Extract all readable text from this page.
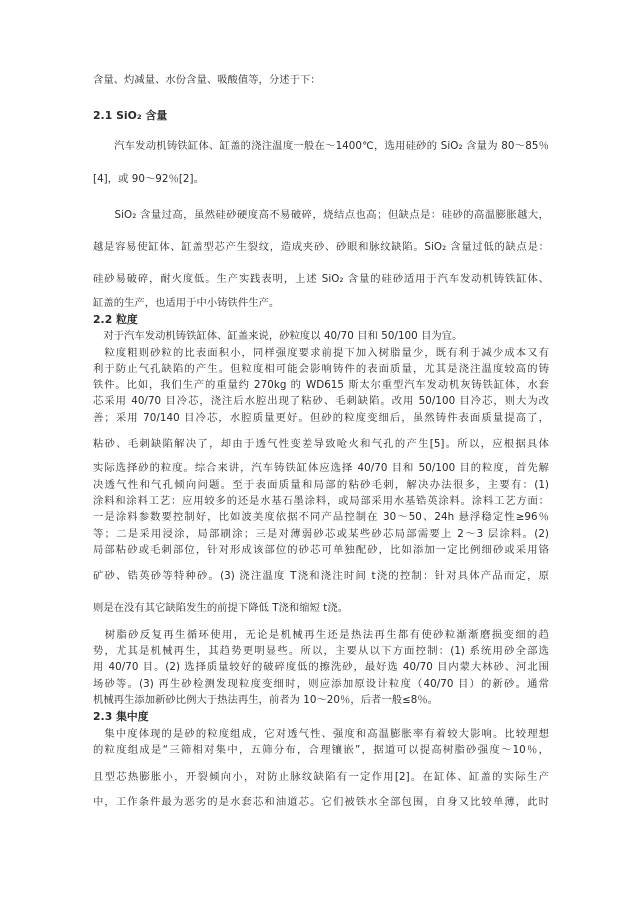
含量、灼减量、水份含量、吸酸值等，分述于下：
2.1 SiO₂ 含量
　　汽车发动机铸铁缸体、缸盖的浇注温度一般在～1400℃，选用硅砂的 SiO₂ 含量为 80～85％
[4]，或 90～92％[2]。
　　SiO₂ 含量过高，虽然硅砂硬度高不易破碎，烧结点也高；但缺点是：硅砂的高温膨胀越大，
越是容易使缸体、缸盖型芯产生裂纹，造成夹砂、砂眼和脉纹缺陷。SiO₂ 含量过低的缺点是：
硅砂易破碎，耐火度低。生产实践表明，上述 SiO₂ 含量的硅砂适用于汽车发动机铸铁缸体、
缸盖的生产，也适用于中小铸铁件生产。
2.2 粒度
　对于汽车发动机铸铁缸体、缸盖来说，砂粒度以 40/70 目和 50/100 目为宜。
　粒度粗则砂粒的比表面积小，同样强度要求前提下加入树脂量少，既有利于减少成本又有
利于防止气孔缺陷的产生。但粒度相可能会影响铸件的表面质量，尤其是浇注温度较高的铸
铁件。比如，我们生产的重量约 270kg 的 WD615 斯太尔重型汽车发动机灰铸铁缸体，水套
芯采用 40/70 目冷芯，浇注后水腔出现了粘砂、毛刺缺陷。改用 50/100 目冷芯，则大为改
善；采用 70/140 目冷芯，水腔质量更好。但砂的粒度变细后，虽然铸件表面质量提高了，
粘砂、毛刺缺陷解决了，却由于透气性变差导致呛火和气孔的产生[5]。所以，应根据具体
实际选择砂的粒度。综合来讲，汽车铸铁缸体应选择 40/70 目和 50/100 目的粒度，首先解
决透气性和气孔倾向问题。至于表面质量和局部的粘砂毛刺，解决办法很多，主要有：(1)
涂料和涂料工艺：应用较多的还是水基石墨涂料，或局部采用水基锆英涂料。涂料工艺方面：
一是涂料参数要控制好，比如波美度依据不同产品控制在 30～50、24h 悬浮稳定性≥96％
等；二是采用浸涂，局部刷涂；三是对薄弱砂芯或某些砂芯局部需要上 2～3 层涂料。(2)
局部粘砂或毛刺部位，针对形成该部位的砂芯可单独配砂，比如添加一定比例细砂或采用铬
矿砂、锆英砂等特种砂。(3) 浇注温度 T浇和浇注时间 t浇的控制：针对具体产品而定，原
则是在没有其它缺陷发生的前提下降低 T浇和缩短 t浇。
　树脂砂反复再生循环使用，无论是机械再生还是热法再生都有使砂粒渐渐磨损变细的趋
势，尤其是机械再生，其趋势更明显些。所以，主要从以下方面控制：(1) 系统用砂全部选
用 40/70 目。(2) 选择质量较好的破碎度低的擦洗砂，最好选 40/70 目内蒙大林砂、河北围
场砂等。(3) 再生砂检测发现粒度变细时，则应添加原设计粒度（40/70 目）的新砂。通常
机械再生添加新砂比例大于热法再生，前者为 10～20％，后者一般≤8％。
2.3 集中度
　集中度体现的是砂的粒度组成，它对透气性、强度和高温膨胀率有着较大影响。比较理想
的粒度组成是“三筛相对集中，五筛分布，合理镶嵌”，据道可以提高树脂砂强度～10％，
且型芯热膨胀小，开裂倾向小，对防止脉纹缺陷有一定作用[2]。在缸体、缸盖的实际生产
中，工作条件最为恶劣的是水套芯和油道芯。它们被铁水全部包围，自身又比较单薄，此时
